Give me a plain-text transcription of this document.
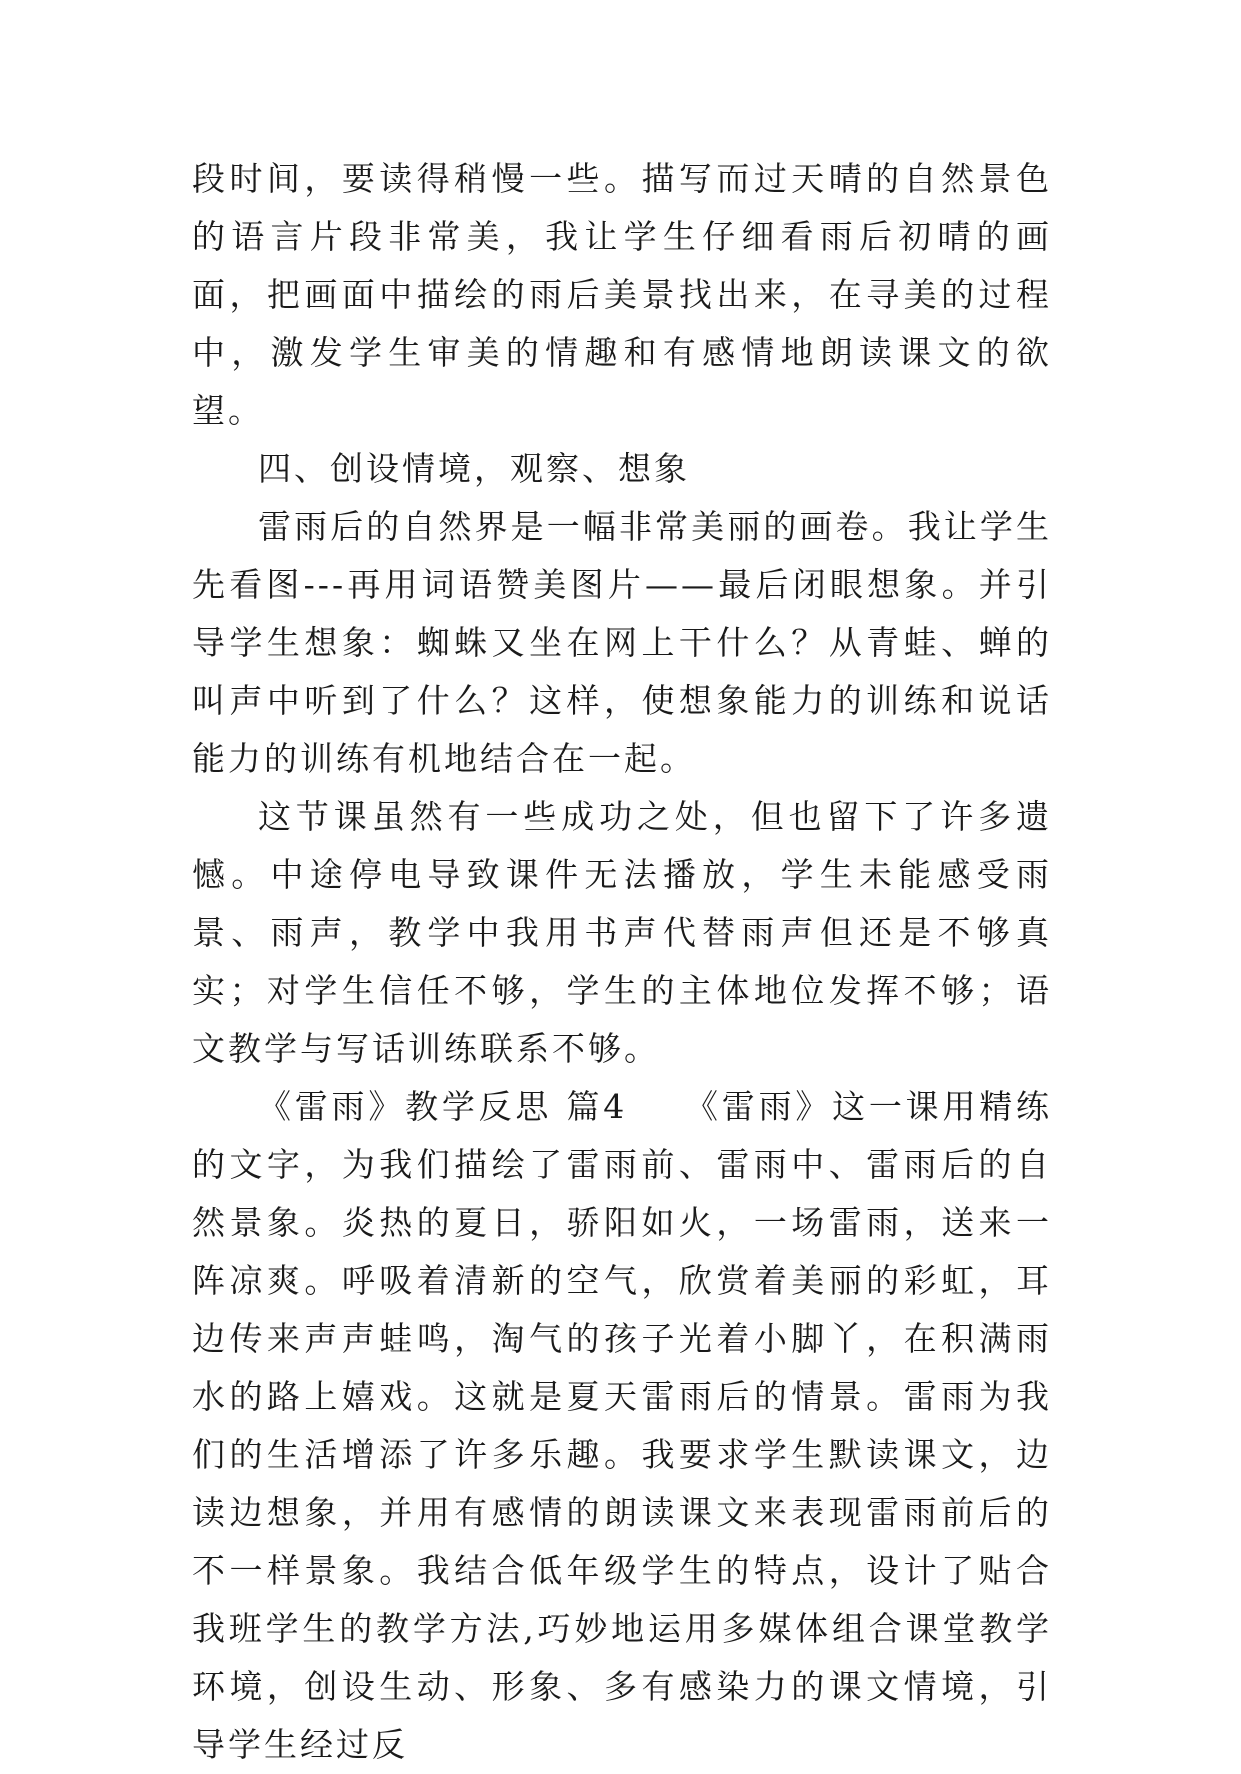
段时间，要读得稍慢一些。描写而过天晴的自然景色的语言片段非常美，我让学生仔细看雨后初晴的画面，把画面中描绘的雨后美景找出来，在寻美的过程中，激发学生审美的情趣和有感情地朗读课文的欲望。

四、创设情境，观察、想象

雷雨后的自然界是一幅非常美丽的画卷。我让学生先看图---再用词语赞美图片——最后闭眼想象。并引导学生想象：蜘蛛又坐在网上干什么？从青蛙、蝉的叫声中听到了什么？这样，使想象能力的训练和说话能力的训练有机地结合在一起。

这节课虽然有一些成功之处，但也留下了许多遗憾。中途停电导致课件无法播放，学生未能感受雨景、雨声，教学中我用书声代替雨声但还是不够真实；对学生信任不够，学生的主体地位发挥不够；语文教学与写话训练联系不够。

《雷雨》教学反思 篇4　　《雷雨》这一课用精练的文字，为我们描绘了雷雨前、雷雨中、雷雨后的自然景象。炎热的夏日，骄阳如火，一场雷雨，送来一阵凉爽。呼吸着清新的空气，欣赏着美丽的彩虹，耳边传来声声蛙鸣，淘气的孩子光着小脚丫，在积满雨水的路上嬉戏。这就是夏天雷雨后的情景。雷雨为我们的生活增添了许多乐趣。我要求学生默读课文，边读边想象，并用有感情的朗读课文来表现雷雨前后的不一样景象。我结合低年级学生的特点，设计了贴合我班学生的教学方法,巧妙地运用多媒体组合课堂教学环境，创设生动、形象、多有感染力的课文情境，引导学生经过反
